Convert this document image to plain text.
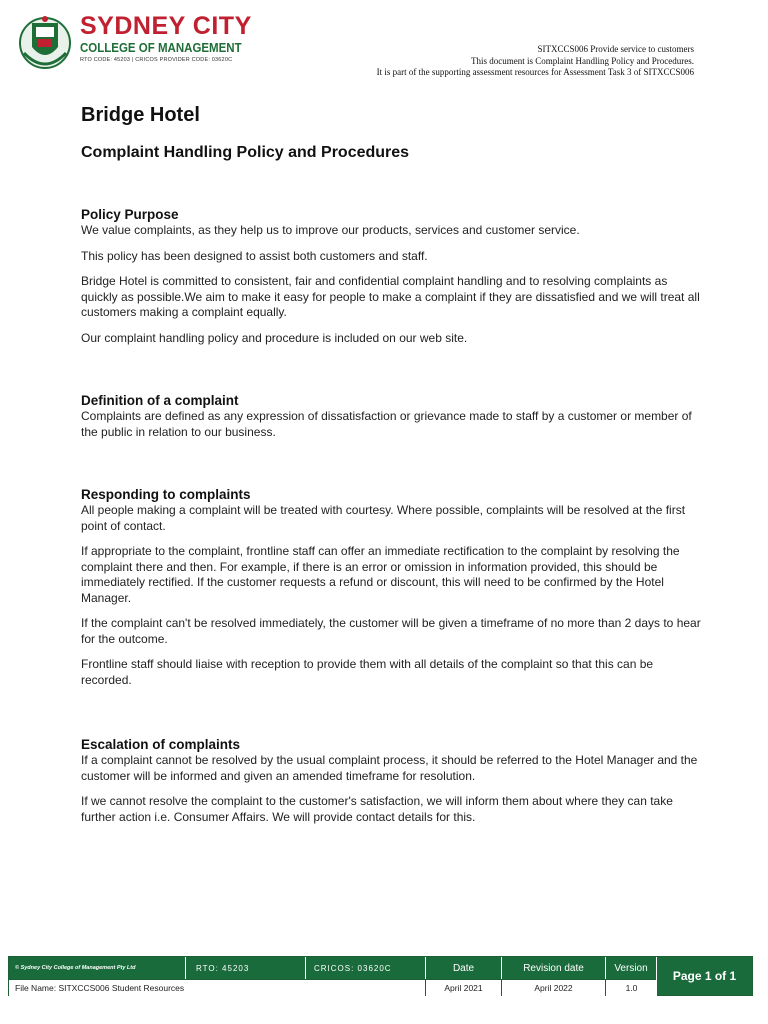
SYDNEY CITY
COLLEGE OF MANAGEMENT
RTO CODE: 45203 | CRICOS PROVIDER CODE: 03620C
SITXCCS006 Provide service to customers
This document is Complaint Handling Policy and Procedures.
It is part of the supporting assessment resources for Assessment Task 3 of SITXCCS006
Bridge Hotel
Complaint Handling Policy and Procedures
Policy Purpose

We value complaints, as they help us to improve our products, services and customer service.

This policy has been designed to assist both customers and staff.

Bridge Hotel is committed to consistent, fair and confidential complaint handling and to resolving complaints as quickly as possible.We aim to make it easy for people to make a complaint if they are dissatisfied and we will treat all customers making a complaint equally.

Our complaint handling policy and procedure is included on our web site.

Definition of a complaint

Complaints are defined as any expression of dissatisfaction or grievance made to staff by a customer or member of the public in relation to our business.

Responding to complaints

All people making a complaint will be treated with courtesy. Where possible, complaints will be resolved at the first point of contact.

If appropriate to the complaint, frontline staff can offer an immediate rectification to the complaint by resolving the complaint there and then. For example, if there is an error or omission in information provided, this should be immediately rectified. If the customer requests a refund or discount, this will need to be confirmed by the Hotel Manager.

If the complaint can't be resolved immediately, the customer will be given a timeframe of no more than 2 days to hear for the outcome.

Frontline staff should liaise with reception to provide them with all details of the complaint so that this can be recorded.

Escalation of complaints

If a complaint cannot be resolved by the usual complaint process, it should be referred to the Hotel Manager and the customer will be informed and given an amended timeframe for resolution.

If we cannot resolve the complaint to the customer's satisfaction, we will inform them about where they can take further action i.e. Consumer Affairs. We will provide contact details for this.

© Sydney City College of Management Pty Ltd	RTO: 45203	CRICOS: 03620C	Date	Revision date	Version
File Name: SITXCCS006 Student Resources	April 2021	April 2022	1.0
Page 1 of 1
